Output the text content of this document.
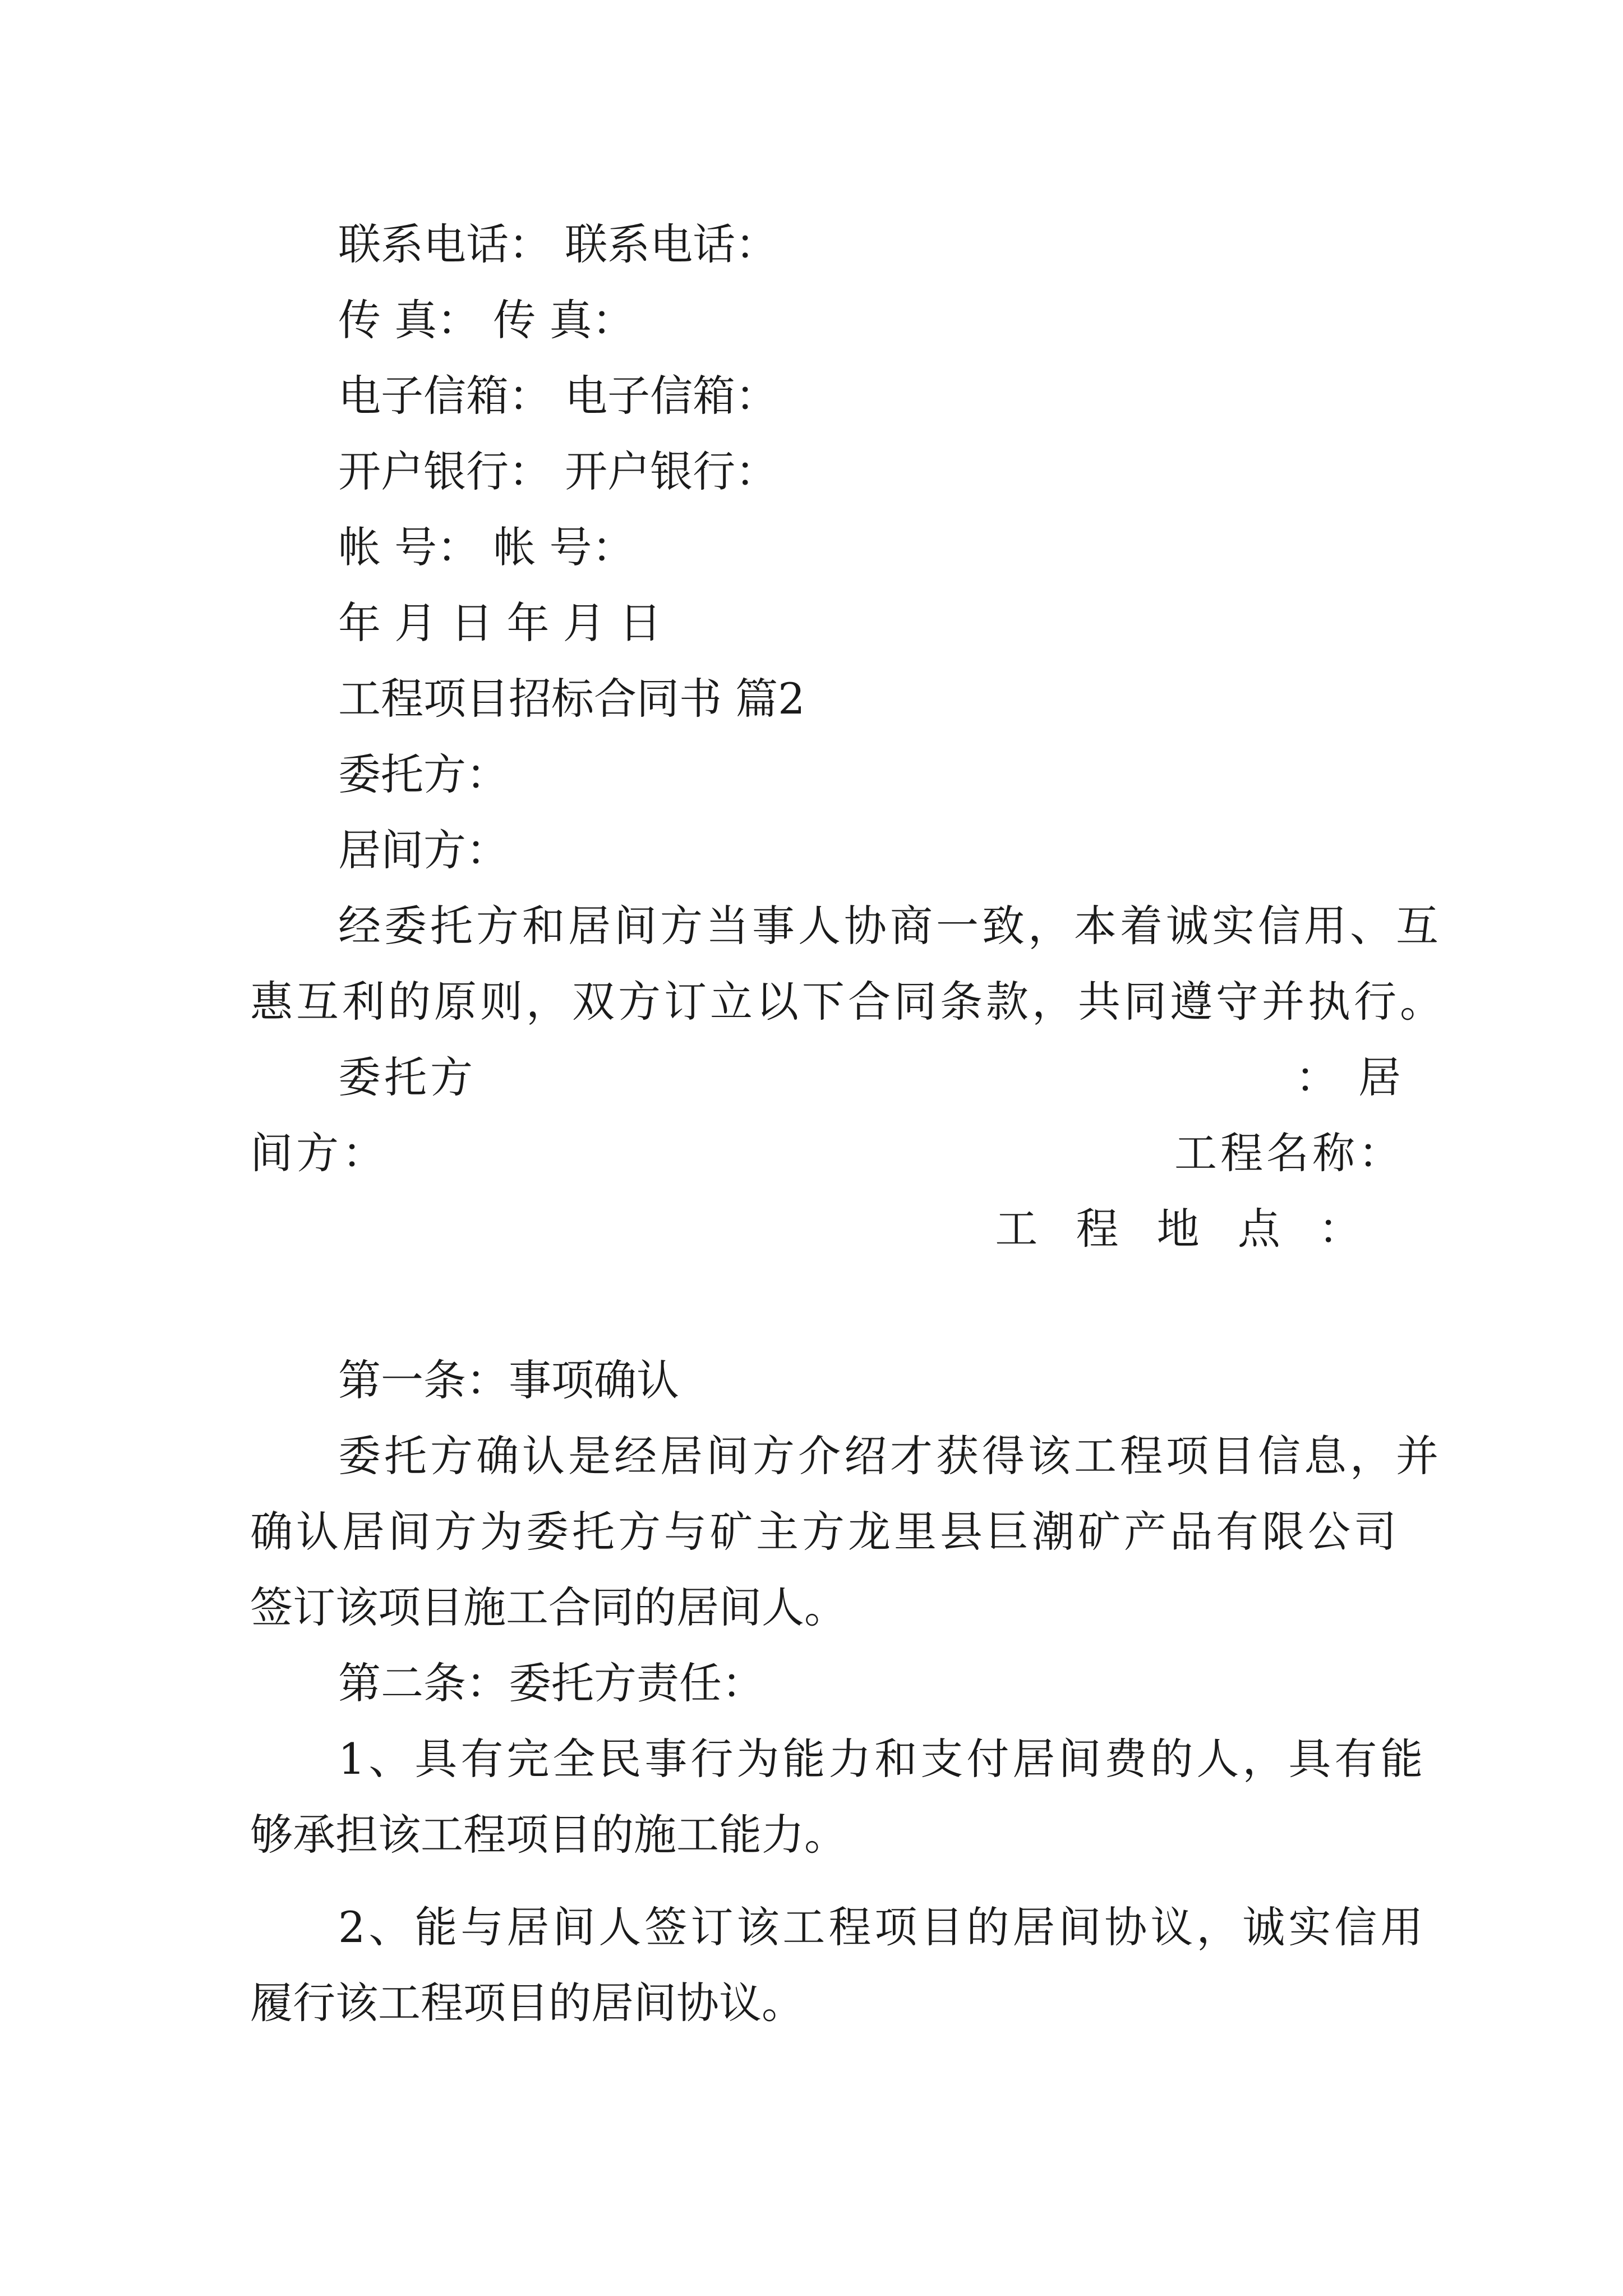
联系电话： 联系电话：
传 真： 传 真：
电子信箱： 电子信箱：
开户银行： 开户银行：
帐 号： 帐 号：
年 月 日 年 月 日
工程项目招标合同书 篇2
委托方：
居间方：
经委托方和居间方当事人协商一致，本着诚实信用、互
惠互利的原则，双方订立以下合同条款，共同遵守并执行。
委托方	： 居
间方：	工程名称：
工 程 地 点 ：
第一条：事项确认
委托方确认是经居间方介绍才获得该工程项目信息，并
确认居间方为委托方与矿主方龙里县巨潮矿产品有限公司
签订该项目施工合同的居间人。
第二条：委托方责任：
1、具有完全民事行为能力和支付居间费的人，具有能
够承担该工程项目的施工能力。
2、能与居间人签订该工程项目的居间协议，诚实信用
履行该工程项目的居间协议。
